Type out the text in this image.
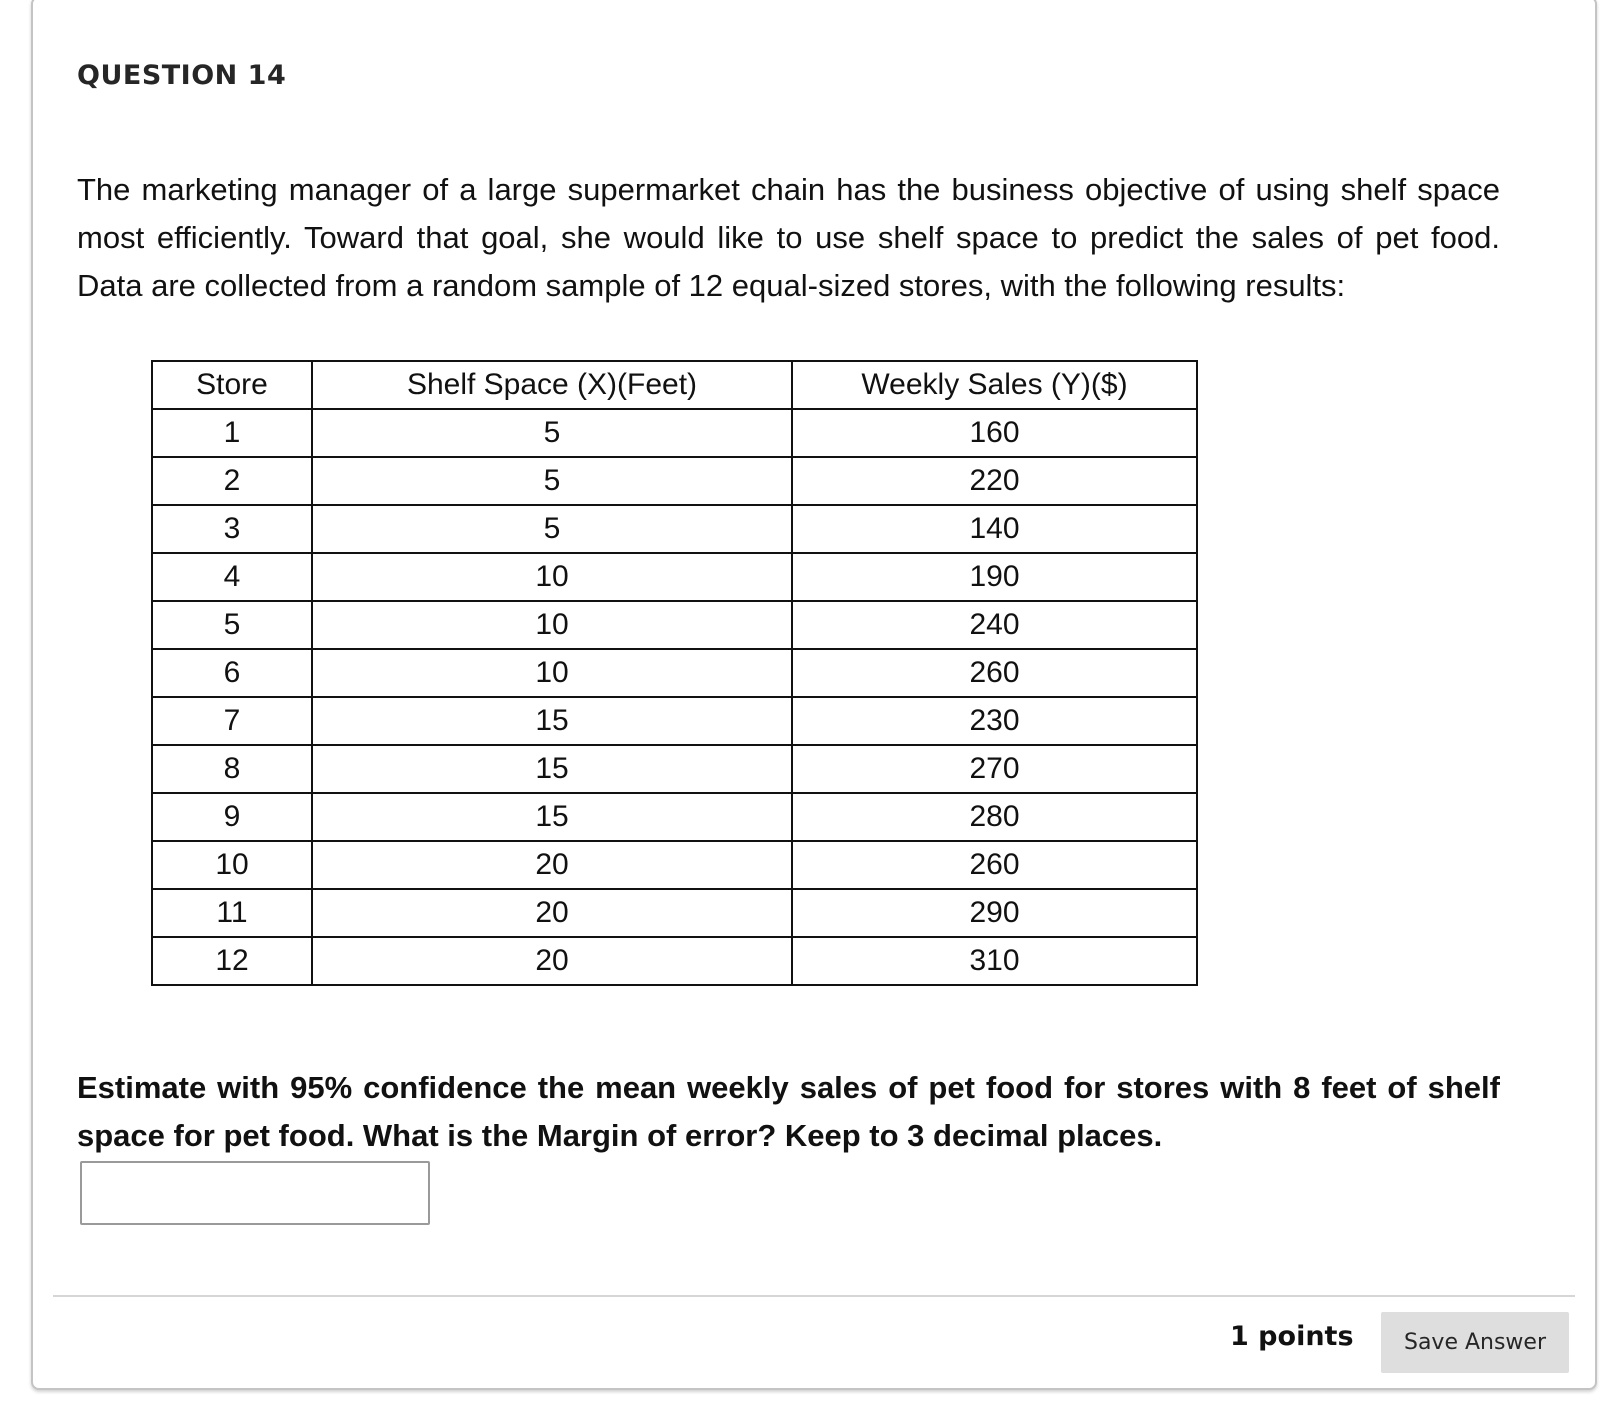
QUESTION 14

The marketing manager of a large supermarket chain has the business objective of using shelf space most efficiently. Toward that goal, she would like to use shelf space to predict the sales of pet food. Data are collected from a random sample of 12 equal-sized stores, with the following results:

Store	Shelf Space (X)(Feet)	Weekly Sales (Y)($)
1	5	160
2	5	220
3	5	140
4	10	190
5	10	240
6	10	260
7	15	230
8	15	270
9	15	280
10	20	260
11	20	290
12	20	310

Estimate with 95% confidence the mean weekly sales of pet food for stores with 8 feet of shelf space for pet food. What is the Margin of error? Keep to 3 decimal places.

1 points	Save Answer
